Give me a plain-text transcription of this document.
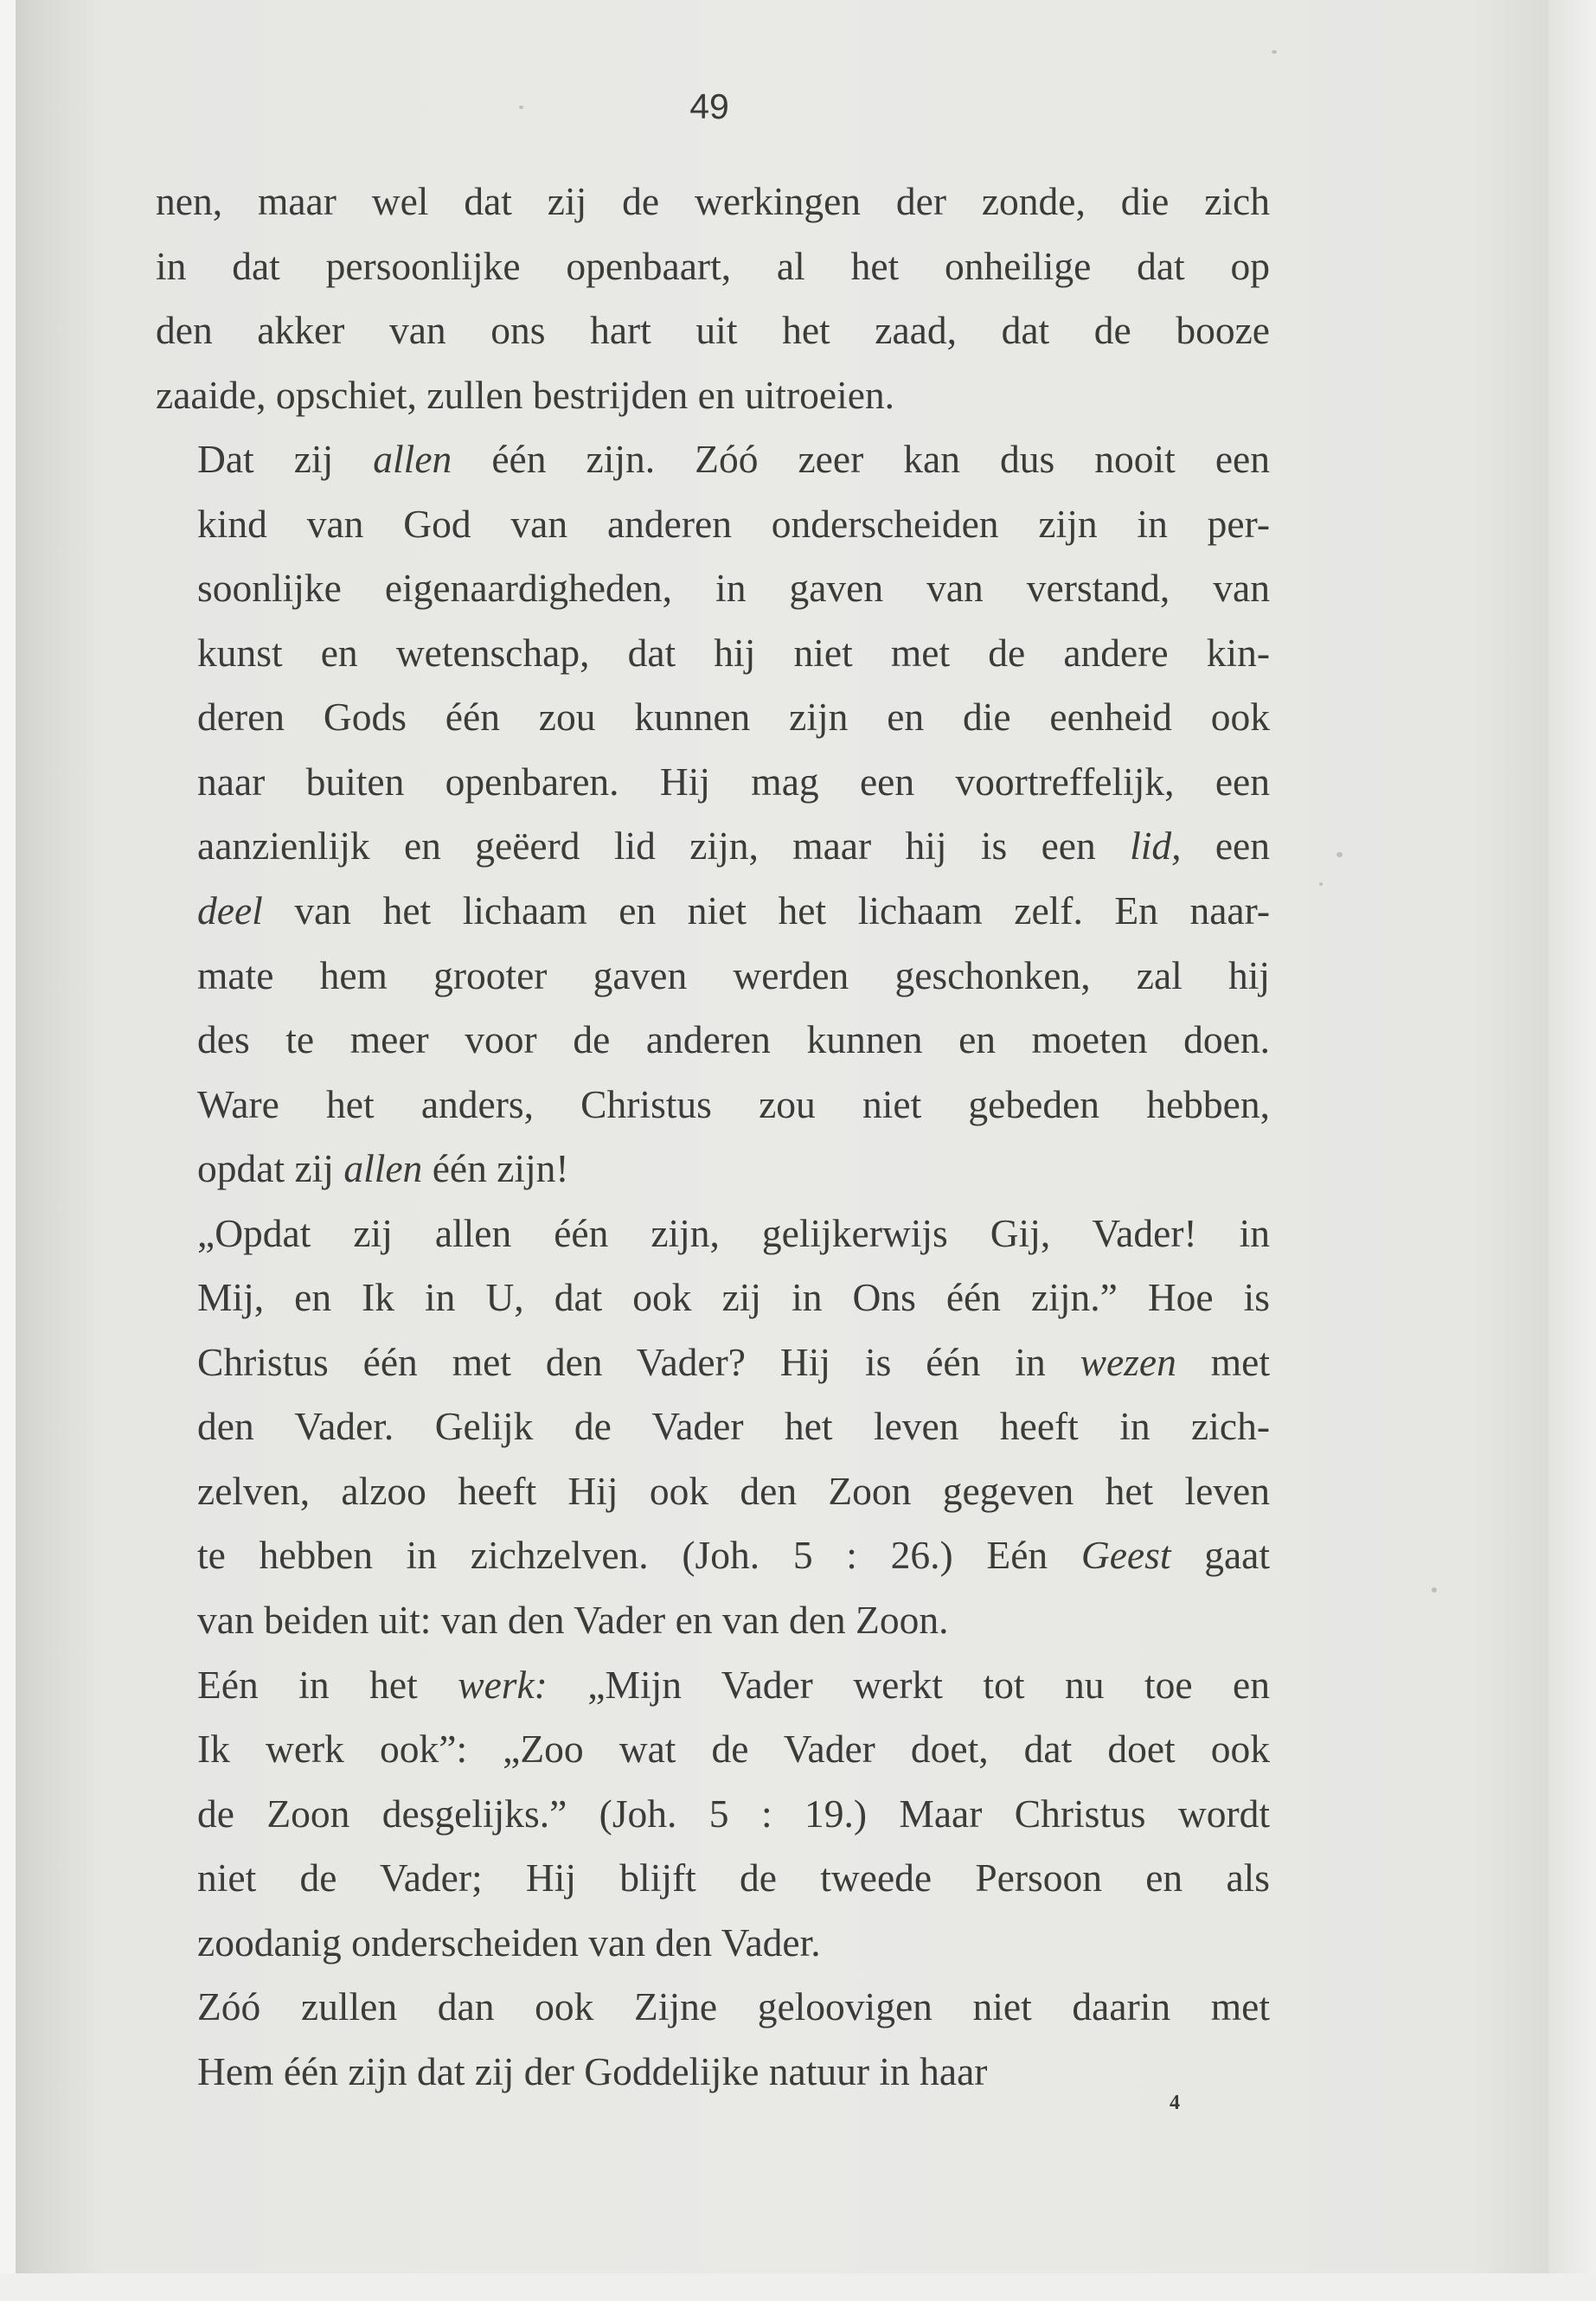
49

nen, maar wel dat zij de werkingen der zonde, die zich
in dat persoonlijke openbaart, al het onheilige dat op
den akker van ons hart uit het zaad, dat de booze
zaaide, opschiet, zullen bestrijden en uitroeien.

Dat zij allen één zijn. Zóó zeer kan dus nooit een
kind van God van anderen onderscheiden zijn in per-
soonlijke eigenaardigheden, in gaven van verstand, van
kunst en wetenschap, dat hij niet met de andere kin-
deren Gods één zou kunnen zijn en die eenheid ook
naar buiten openbaren. Hij mag een voortreffelijk, een
aanzienlijk en geëerd lid zijn, maar hij is een lid, een
deel van het lichaam en niet het lichaam zelf. En naar-
mate hem grooter gaven werden geschonken, zal hij
des te meer voor de anderen kunnen en moeten doen.
Ware het anders, Christus zou niet gebeden hebben,
opdat zij allen één zijn!

„Opdat zij allen één zijn, gelijkerwijs Gij, Vader! in
Mij, en Ik in U, dat ook zij in Ons één zijn.” Hoe is
Christus één met den Vader? Hij is één in wezen met
den Vader. Gelijk de Vader het leven heeft in zich-
zelven, alzoo heeft Hij ook den Zoon gegeven het leven
te hebben in zichzelven. (Joh. 5 : 26.) Eén Geest gaat
van beiden uit: van den Vader en van den Zoon.

Eén in het werk: „Mijn Vader werkt tot nu toe en
Ik werk ook”: „Zoo wat de Vader doet, dat doet ook
de Zoon desgelijks.” (Joh. 5 : 19.) Maar Christus wordt
niet de Vader; Hij blijft de tweede Persoon en als
zoodanig onderscheiden van den Vader.

Zóó zullen dan ook Zijne geloovigen niet daarin met
Hem één zijn dat zij der Goddelijke natuur in haar

4
